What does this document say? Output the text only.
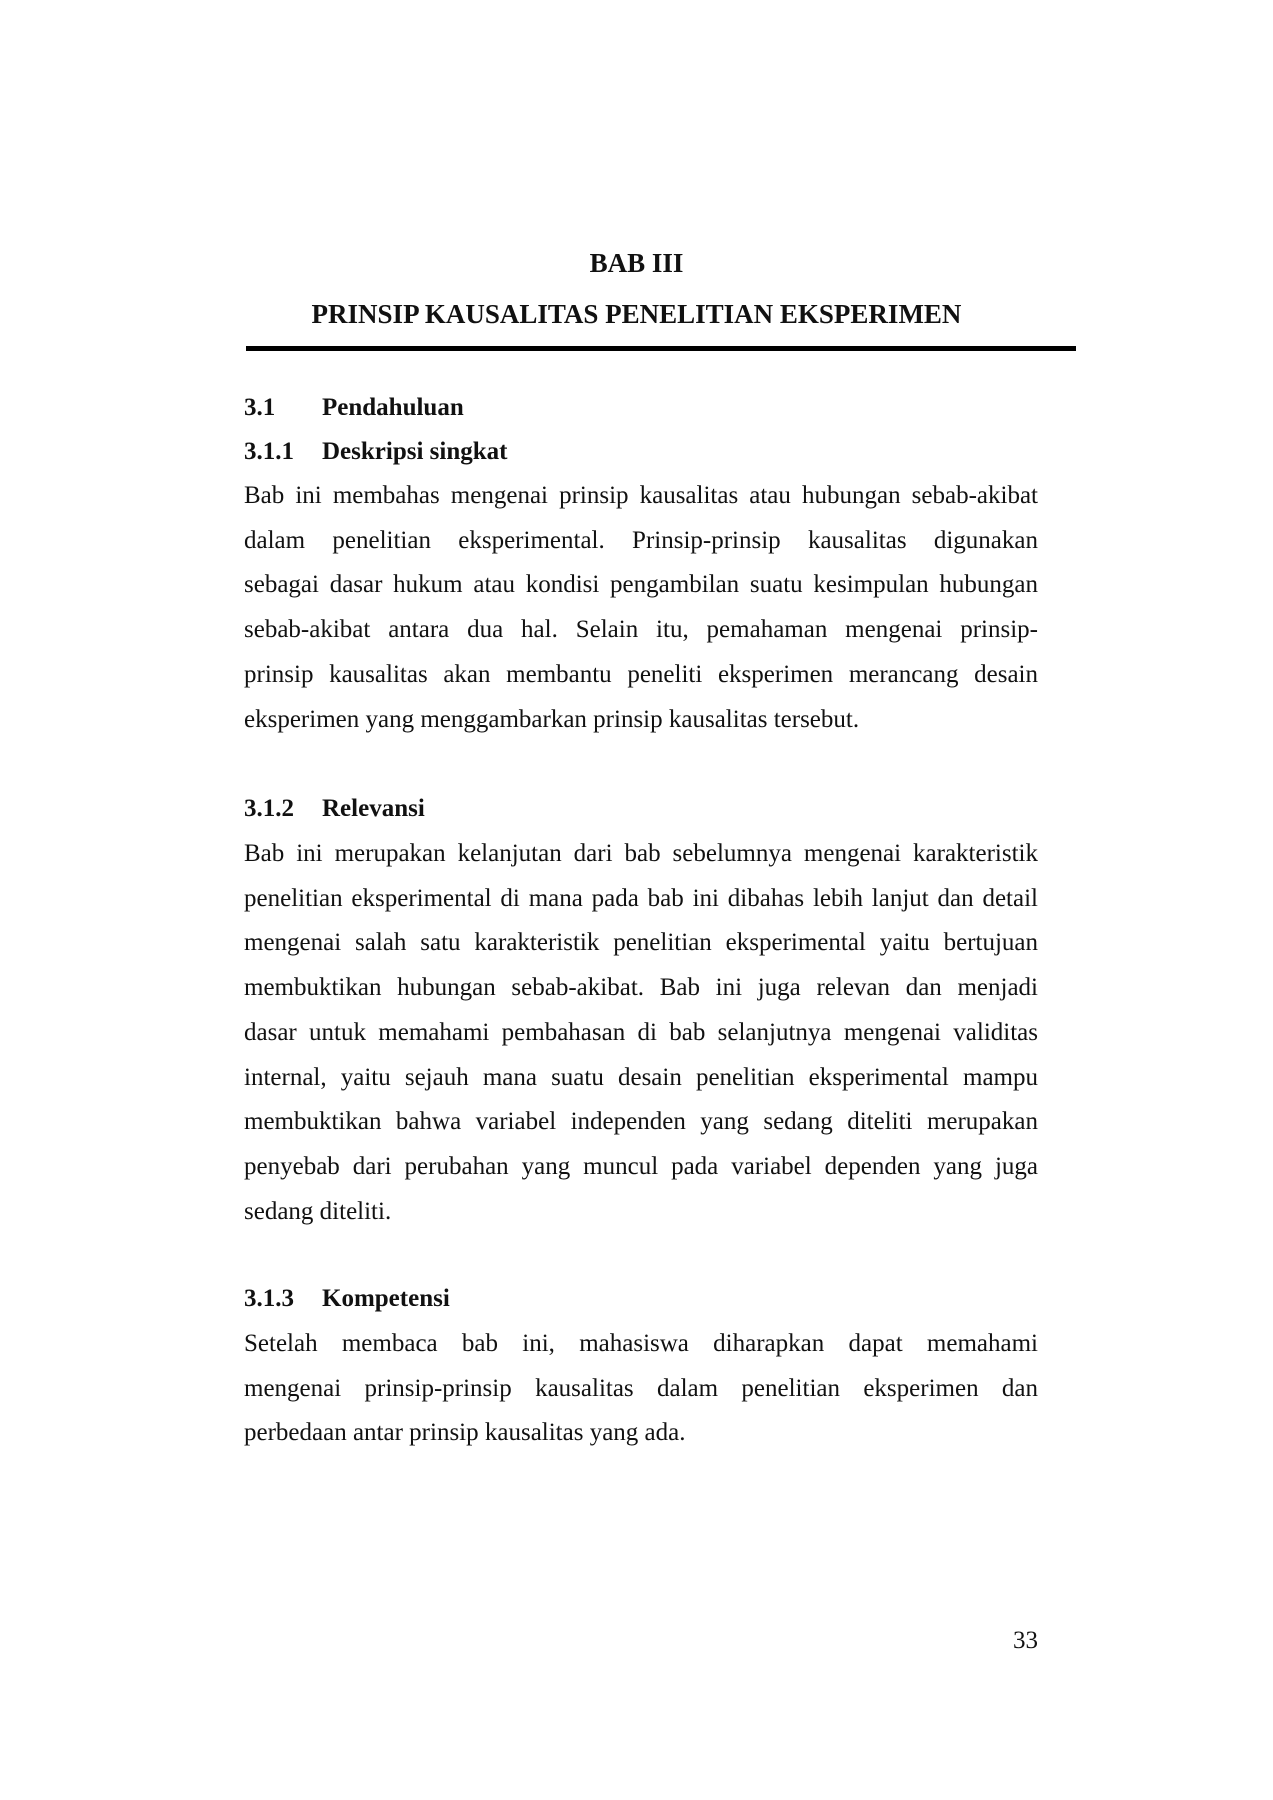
BAB III
PRINSIP KAUSALITAS PENELITIAN EKSPERIMEN
3.1 Pendahuluan
3.1.1 Deskripsi singkat
Bab ini membahas mengenai prinsip kausalitas atau hubungan sebab-akibat
dalam penelitian eksperimental. Prinsip-prinsip kausalitas digunakan
sebagai dasar hukum atau kondisi pengambilan suatu kesimpulan hubungan
sebab-akibat antara dua hal. Selain itu, pemahaman mengenai prinsip-
prinsip kausalitas akan membantu peneliti eksperimen merancang desain
eksperimen yang menggambarkan prinsip kausalitas tersebut.
3.1.2 Relevansi
Bab ini merupakan kelanjutan dari bab sebelumnya mengenai karakteristik
penelitian eksperimental di mana pada bab ini dibahas lebih lanjut dan detail
mengenai salah satu karakteristik penelitian eksperimental yaitu bertujuan
membuktikan hubungan sebab-akibat. Bab ini juga relevan dan menjadi
dasar untuk memahami pembahasan di bab selanjutnya mengenai validitas
internal, yaitu sejauh mana suatu desain penelitian eksperimental mampu
membuktikan bahwa variabel independen yang sedang diteliti merupakan
penyebab dari perubahan yang muncul pada variabel dependen yang juga
sedang diteliti.
3.1.3 Kompetensi
Setelah membaca bab ini, mahasiswa diharapkan dapat memahami
mengenai prinsip-prinsip kausalitas dalam penelitian eksperimen dan
perbedaan antar prinsip kausalitas yang ada.
33
